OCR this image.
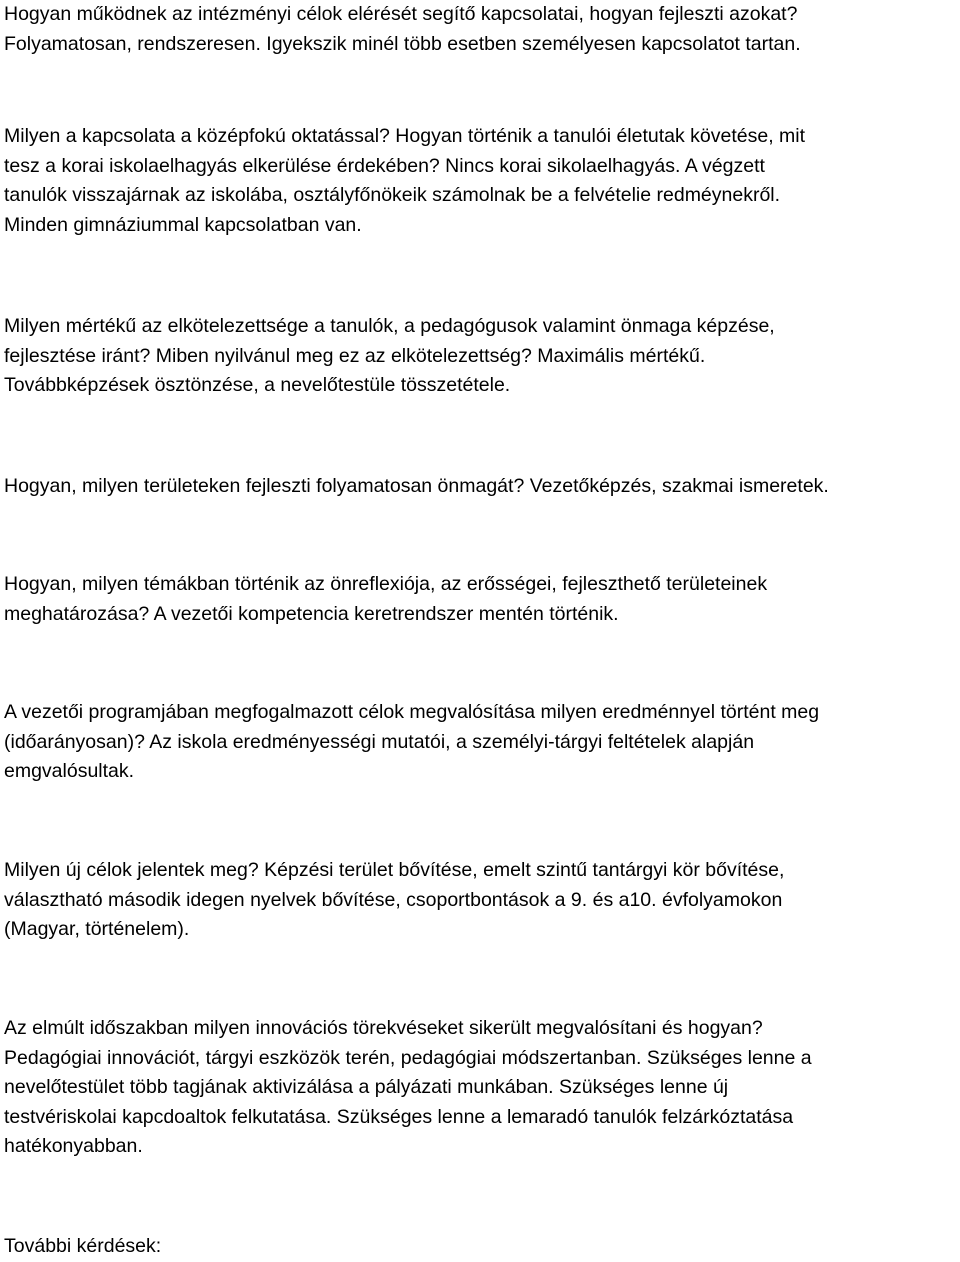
Hogyan működnek az intézményi célok elérését segítő kapcsolatai, hogyan fejleszti azokat?
Folyamatosan, rendszeresen. Igyekszik minél több esetben személyesen kapcsolatot tartan.
Milyen a kapcsolata a középfokú oktatással? Hogyan történik a tanulói életutak követése, mit
tesz a korai iskolaelhagyás elkerülése érdekében? Nincs korai sikolaelhagyás. A végzett
tanulók visszajárnak az iskolába, osztályfőnökeik számolnak be a felvételie redméynekről.
Minden gimnáziummal kapcsolatban van.
Milyen mértékű az elkötelezettsége a tanulók, a pedagógusok valamint önmaga képzése,
fejlesztése iránt? Miben nyilvánul meg ez az elkötelezettség? Maximális mértékű.
Továbbképzések ösztönzése, a nevelőtestüle tösszetétele.
Hogyan, milyen területeken fejleszti folyamatosan önmagát? Vezetőképzés, szakmai ismeretek.
Hogyan, milyen témákban történik az önreflexiója, az erősségei, fejleszthető területeinek
meghatározása? A vezetői kompetencia keretrendszer mentén történik.
A vezetői programjában megfogalmazott célok megvalósítása milyen eredménnyel történt meg
(időarányosan)? Az iskola eredményességi mutatói, a személyi-tárgyi feltételek alapján
emgvalósultak.
Milyen új célok jelentek meg? Képzési terület bővítése, emelt szintű tantárgyi kör bővítése,
választható második idegen nyelvek bővítése, csoportbontások a 9. és a10. évfolyamokon
(Magyar, történelem).
Az elmúlt időszakban milyen innovációs törekvéseket sikerült megvalósítani és hogyan?
Pedagógiai innovációt, tárgyi eszközök terén, pedagógiai módszertanban. Szükséges lenne a
nevelőtestület több tagjának aktivizálása a pályázati munkában. Szükséges lenne új
testvériskolai kapcdoaltok felkutatása. Szükséges lenne a lemaradó tanulók felzárkóztatása
hatékonyabban.
További kérdések:
